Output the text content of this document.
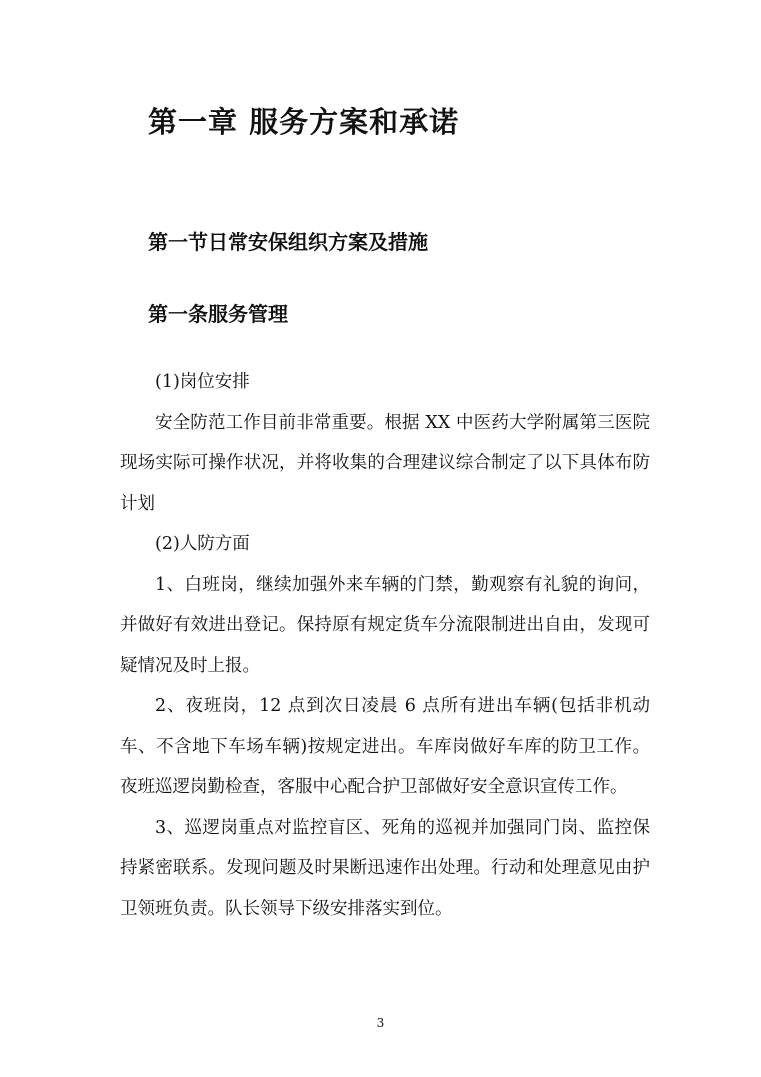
第一章 服务方案和承诺
第一节日常安保组织方案及措施
第一条服务管理

(1)岗位安排

安全防范工作目前非常重要。根据 XX 中医药大学附属第三医院现场实际可操作状况，并将收集的合理建议综合制定了以下具体布防计划

(2)人防方面

1、白班岗，继续加强外来车辆的门禁，勤观察有礼貌的询问，并做好有效进出登记。保持原有规定货车分流限制进出自由，发现可疑情况及时上报。

2、夜班岗，12 点到次日凌晨 6 点所有进出车辆(包括非机动车、不含地下车场车辆)按规定进出。车库岗做好车库的防卫工作。夜班巡逻岗勤检查，客服中心配合护卫部做好安全意识宣传工作。

3、巡逻岗重点对监控盲区、死角的巡视并加强同门岗、监控保持紧密联系。发现问题及时果断迅速作出处理。行动和处理意见由护卫领班负责。队长领导下级安排落实到位。

3
